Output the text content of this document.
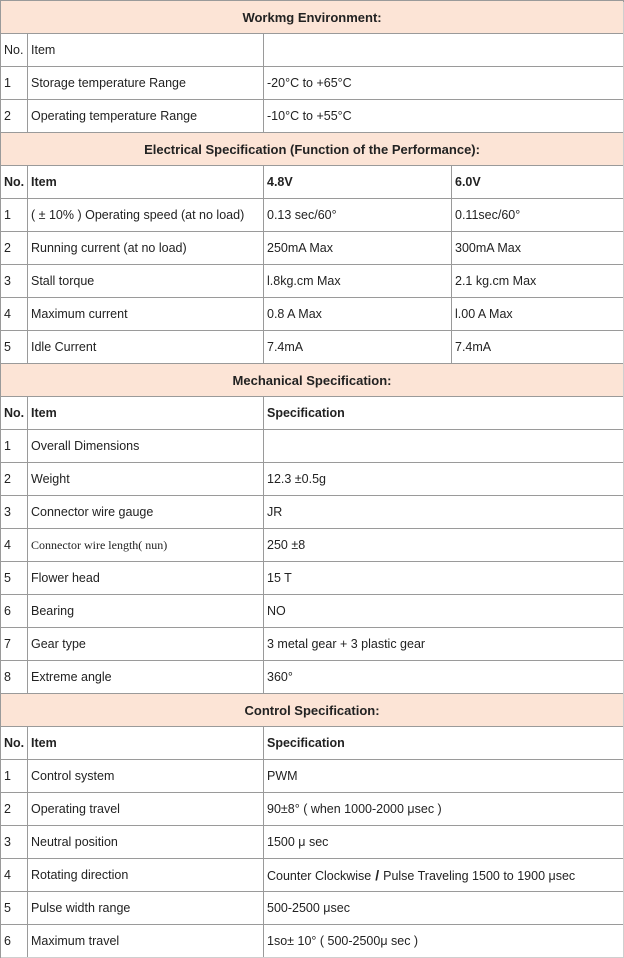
Workmg Environment:			
No.	Item		
1	Storage temperature Range	-20°C to +65°C	
2	Operating temperature Range	-10°C to +55°C	
Electrical Specification (Function of the Performance):			
No.	Item	4.8V	6.0V
1	( ± 10% ) Operating speed (at no load)	0.13 sec/60°	0.11sec/60°
2	Running current (at no load)	250mA Max	300mA Max
3	Stall torque	l.8kg.cm Max	2.1 kg.cm Max
4	Maximum current	0.8 A Max	l.00 A Max
5	Idle Current	7.4mA	7.4mA
Mechanical Specification:			
No.	Item	Specification	
1	Overall Dimensions		
2	Weight	12.3 ±0.5g	
3	Connector wire gauge	JR	
4	Connector wire length( nun)	250 ±8	
5	Flower head	15 T	
6	Bearing	NO	
7	Gear type	3 metal gear + 3 plastic gear	
8	Extreme angle	360°	
Control Specification:			
No.	Item	Specification	
1	Control system	PWM	
2	Operating travel	90±8° ( when 1000-2000 μsec )	
3	Neutral position	1500 μ sec	
4	Rotating direction	Counter Clockwise / Pulse Traveling 1500 to 1900 μsec	
5	Pulse width range	500-2500 μsec	
6	Maximum travel	1so± 10° ( 500-2500μ sec )	
